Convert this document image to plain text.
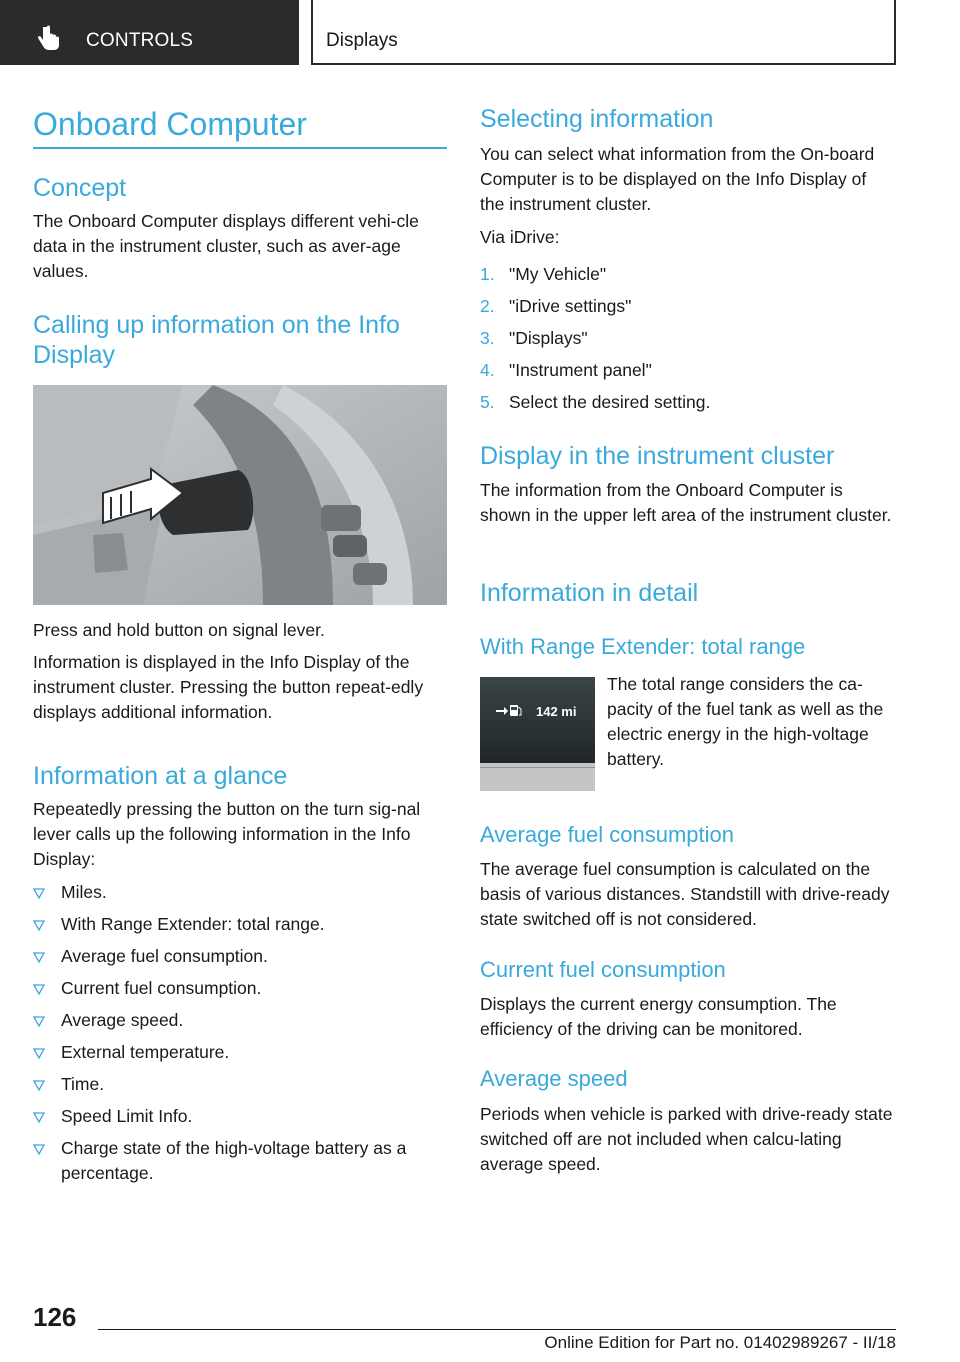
CONTROLS	Displays
Onboard Computer
Concept
The Onboard Computer displays different vehi-cle data in the instrument cluster, such as aver-age values.
Calling up information on the Info Display
Press and hold button on signal lever.
Information is displayed in the Info Display of the instrument cluster. Pressing the button repeat-edly displays additional information.
Information at a glance
Repeatedly pressing the button on the turn sig-nal lever calls up the following information in the Info Display:
Miles.
With Range Extender: total range.
Average fuel consumption.
Current fuel consumption.
Average speed.
External temperature.
Time.
Speed Limit Info.
Charge state of the high-voltage battery as a percentage.
Selecting information
You can select what information from the On-board Computer is to be displayed on the Info Display of the instrument cluster.
Via iDrive:
1. "My Vehicle"
2. "iDrive settings"
3. "Displays"
4. "Instrument panel"
5. Select the desired setting.
Display in the instrument cluster
The information from the Onboard Computer is shown in the upper left area of the instrument cluster.
Information in detail
With Range Extender: total range
142 mi
The total range considers the ca-pacity of the fuel tank as well as the electric energy in the high-voltage battery.
Average fuel consumption
The average fuel consumption is calculated on the basis of various distances. Standstill with drive-ready state switched off is not considered.
Current fuel consumption
Displays the current energy consumption. The efficiency of the driving can be monitored.
Average speed
Periods when vehicle is parked with drive-ready state switched off are not included when calcu-lating average speed.
126
Online Edition for Part no. 01402989267 - II/18
